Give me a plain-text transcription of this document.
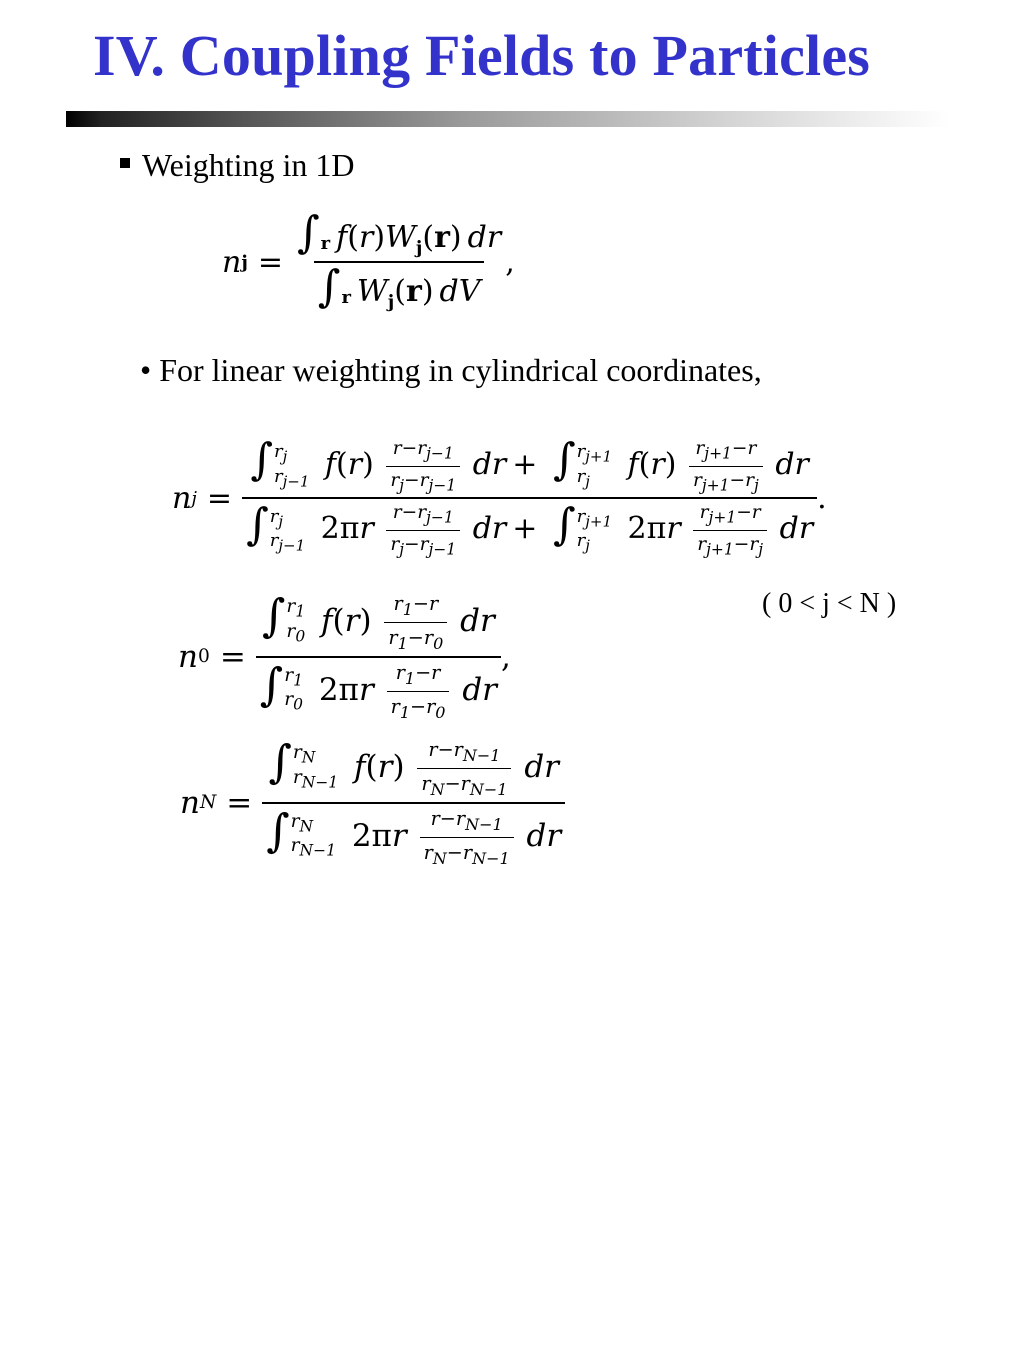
IV. Coupling Fields to Particles
Weighting in 1D
n $j = \frac{\int r f(r)W_j(r) dr}{\int r W_j(r) dV}$ ,
• For linear weighting in cylindrical coordinates,
n j =
∫ $r_j$
$r_{j-1}$ $f(r) \frac{r-r_{j-1}}{r_j-r_{j-1}}$ dr + ∫ $r_{j+1}$
$r_j$	$f(r) \frac{r_{j+1}-r}{r_{j+1}-r_j}$ dr
∫ $r_j$
$r_{j-1}$ $2\pi r \frac{r-r_{j-1}}{r_j-r_{j-1}}$ dr + ∫ $r_{j+1}$
$r_j$ $2\pi r \frac{r_{j+1}-r}{r_{j+1}-r_j}$ dr
.
( 0 < j < N )
n 0 = ∫ $r_1$
$r_0$ $f(r) \frac{r_1-r}{r_1-r_0}$ dr
∫ $r_1$
$r_0$ $2\pi r \frac{r_1-r}{r_1-r_0}$ dr ,
n N = ∫ $r_N$
$r_{N-1}$ $f(r) \frac{r-r_{N-1}}{r_N-r_{N-1}}$ dr
∫ $r_N$
$r_{N-1}$ $2\pi r \frac{r-r_{N-1}}{r_N-r_{N-1}}$ dr
